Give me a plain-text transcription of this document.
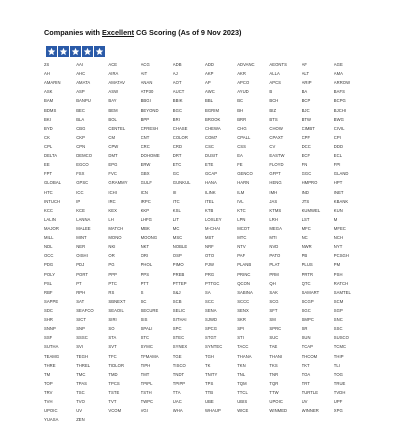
Companies with Excellent CG Scoring (As of 9 Nov 2023)
2S	AAI	ACE	ACG	ADB	ADD	ADVANC	AEONTS	AF	AGE
AH	AHC	AIRA	AIT	AJ	AKP	AKR	ALLA	ALT	AMA
AMARIN	AMATA	AMATAV	ANAN	AOT	AP	APCO	APCS	ARIP	ARROW
ASK	ASP	ASW	ATP30	AUCT	AWC	AYUD	B	BA	BAFS
BAM	BANPU	BAY	BBGI	BBIK	BBL	BC	BCH	BCP	BCPG
BDMS	BEC	BEM	BEYOND	BGC	BGRIM	BH	BIZ	BJC	BJCHI
BKI	BLA	BOL	BPP	BRI	BROOK	BRR	BTS	BTW	BWG
BYD	CBG	CENTEL	CFRESH	CHASE	CHEWA	CHG	CHOW	CIMBT	CIVIL
CK	CKP	CM	CNT	COLOR	COM7	CPALL	CPAXT	CPF	CPI
CPL	CPN	CPW	CRC	CRD	CSC	CSS	CV	DCC	DDD
DELTA	DEMCO	DMT	DOHOME	DRT	DUSIT	EA	EASTW	ECF	ECL
EE	EGCO	EPG	ERW	ETC	ETE	FE	FLOYD	FN	FPI
FPT	FSX	FVC	GBX	GC	GCAP	GENCO	GFPT	GGC	GLAND
GLOBAL	GPSC	GRAMMY	GULF	GUNKUL	HANA	HARN	HENG	HMPRO	HPT
HTC	ICC	ICHI	ICN	III	ILINK	ILM	IMH	IND	INET
INTUCH	IP	IRC	IRPC	ITC	ITEL	IVL	JAS	JTS	KBANK
KCC	KCE	KEX	KKP	KSL	KTB	KTC	KTMS	KUMWEL	KUN
LALIN	LANNA	LH	LHFG	LIT	LOXLEY	LPN	LRH	LST	M
MAJOR	MALEE	MATCH	MBK	MC	M-CHAI	MCOT	MEGA	MFC	MFEC
MILL	MINT	MONO	MOONG	MSC	MST	MTC	MTI	NC	NCH
NDL	NER	NKI	NKT	NOBLE	NRF	NTV	NVD	NWR	NYT
OCC	OISHI	OR	ORI	OSP	OTO	PAF	PATO	PB	PCSGH
PDG	PDJ	PG	PHOL	PIMO	PJW	PLANB	PLAT	PLUS	PM
POLY	PORT	PPP	PPS	PREB	PRG	PRINC	PRM	PRTR	PSH
PSL	PT	PTC	PTT	PTTEP	PTTGC	QCON	QH	QTC	RATCH
RBF	RPH	RS	S	S&J	SA	SABINA	SAK	SAMART	SAMTEL
SAPPE	SAT	SBNEXT	SC	SCB	SCC	SCCC	SCG	SCGP	SCM
SDC	SEAFCO	SEAOIL	SECURE	SELIC	SENA	SENX	SFT	SGC	SGP
SHR	SICT	SIRI	SIS	SITHAI	SJWD	SKR	SM	SMPC	SNC
SNNP	SNP	SO	SPALI	SPC	SPCG	SPI	SPRC	SR	SSC
SSF	SSSC	STA	STC	STEC	STGT	STI	SUC	SUN	SUSCO
SUTHA	SVI	SVT	SYMC	SYNEX	SYNTEC	TACC	TAE	TCAP	TCMC
TEAMG	TEGH	TFC	TFMAMA	TGE	TGH	THANA	THANI	THCOM	THIP
THRE	THREL	TIDLOR	TIPH	TISCO	TK	TKN	TKS	TKT	TLI
TM	TMC	TMD	TMT	TNDT	TNITY	TNL	TNR	TOA	TOG
TOP	TPAS	TPCS	TPIPL	TPIPP	TPS	TQM	TQR	TRT	TRUE
TRV	TSC	TSTE	TSTH	TTA	TTB	TTCL	TTW	TURTLE	TVDH
TVH	TVO	TVT	TWPC	UAC	UBE	UBIS	UPOIC	UV	UPF
UPOIC	UV	VCOM	VGI	WHA	WHAUP	WICE	WINMED	WINNER	XPG
YUASA	ZEN
